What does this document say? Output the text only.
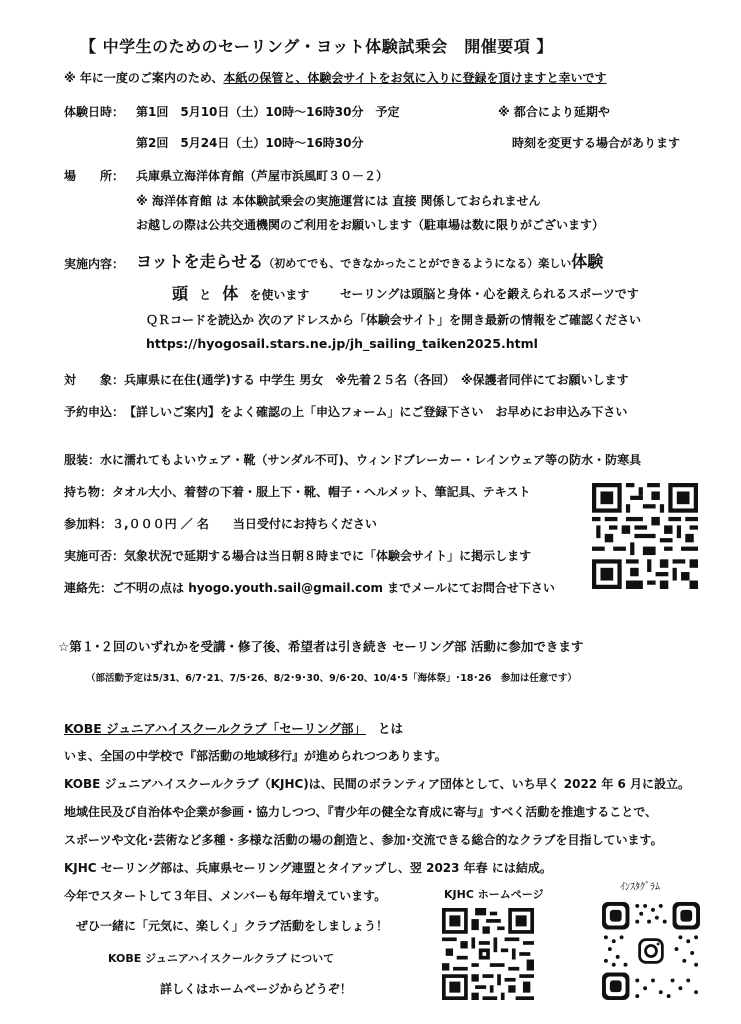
【 中学生のためのセーリング・ヨット体験試乗会　開催要項 】
※ 年に一度のご案内のため、本紙の保管と、体験会サイトをお気に入りに登録を頂けますと幸いです
体験日時： 第1回　5月10日（土）10時～16時30分　予定	※ 都合により延期や
第2回　5月24日（土）10時～16時30分	時刻を変更する場合があります
場　　所： 兵庫県立海洋体育館（芦屋市浜風町３０－２）
※ 海洋体育館 は 本体験試乗会の実施運営には 直接 関係しておられません
お越しの際は公共交通機関のご利用をお願いします（駐車場は数に限りがございます）
実施内容： ヨットを走らせる（初めてでも、できなかったことができるようになる）楽しい体験
頭 と 体 を使います	セーリングは頭脳と身体・心を鍛えられるスポーツです
ＱＲコードを読込か 次のアドレスから「体験会サイト」を開き最新の情報をご確認ください
https://hyogosail.stars.ne.jp/jh_sailing_taiken2025.html
対　　象： 兵庫県に在住(通学)する 中学生 男女　※先着２５名（各回）　※保護者同伴にてお願いします
予約申込： 【詳しいご案内】をよく確認の上「申込フォーム」にご登録下さい　お早めにお申込み下さい
服装：水に濡れてもよいウェア・靴（サンダル不可)、ウィンドブレーカー・レインウェア等の防水・防寒具
持ち物：タオル大小、着替の下着・服上下・靴、帽子・ヘルメット、筆記具、テキスト
参加料：３,０００円 ／ 名　　当日受付にお持ちください
実施可否：気象状況で延期する場合は当日朝８時までに「体験会サイト」に掲示します
連絡先：ご不明の点は hyogo.youth.sail@gmail.com までメールにてお問合せ下さい
☆第１･２回のいずれかを受講・修了後、希望者は引き続き セーリング部 活動に参加できます
（部活動予定は5/31、6/7･21、7/5･26、8/2･9･30、9/6･20、10/4･5「海体祭」･18･26　参加は任意です）
KOBE ジュニアハイスクールクラブ「セーリング部」 とは
いま、全国の中学校で『部活動の地域移行』が進められつつあります。
KOBE ジュニアハイスクールクラブ（KJHC)は、民間のボランティア団体として、いち早く 2022 年 6 月に設立。
地域住民及び自治体や企業が参画・協力しつつ、『青少年の健全な育成に寄与』すべく活動を推進することで、
スポーツや文化･芸術など多種・多様な活動の場の創造と、参加･交流できる総合的なクラブを目指しています。
KJHC セーリング部は、兵庫県セーリング連盟とタイアップし、翌 2023 年春 には結成。
今年でスタートして３年目、メンバーも毎年増えています。
ぜひ一緒に「元気に、楽しく」クラブ活動をしましょう！
KOBE ジュニアハイスクールクラブ について
詳しくはホームページからどうぞ！
KJHC ホームページ
ｲﾝｽﾀｸﾞﾗﾑ
